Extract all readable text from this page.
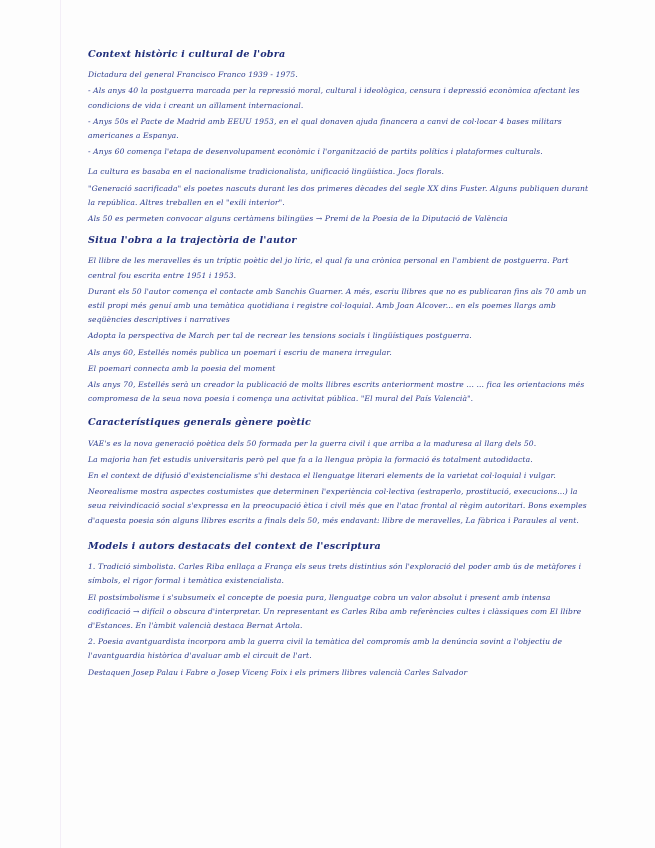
Context històric i cultural de l'obra

Dictadura del general Francisco Franco 1939 - 1975.

- Als anys 40 la postguerra marcada per la repressió moral, cultural i ideològica, censura i depressió econòmica afectant les condicions de vida i creant un aïllament internacional.

- Anys 50s el Pacte de Madrid amb EEUU 1953, en el qual donaven ajuda financera a canvi de col·locar 4 bases militars americanes a Espanya.

- Anys 60 comença l'etapa de desenvolupament econòmic i l'organització de partits polítics i plataformes culturals.

La cultura es basaba en el nacionalisme tradicionalista, unificació lingüística. Jocs florals.

"Generació sacrificada" els poetes nascuts durant les dos primeres dècades del segle XX dins Fuster. Alguns publiquen durant la república. Altres treballen en el "exili interior".

Als 50 es permeten convocar alguns certàmens bilingües → Premi de la Poesia de la Diputació de València

Situa l'obra a la trajectòria de l'autor

El llibre de les meravelles és un tríptic poètic del jo líric, el qual fa una crònica personal en l'ambient de postguerra. Part central fou escrita entre 1951 i 1953.

Durant els 50 l'autor comença el contacte amb Sanchis Guarner. A més, escriu llibres que no es publicaran fins als 70 amb un estil propi més genuí amb una temàtica quotidiana i registre col·loquial. Amb Joan Alcover... en els poemes llargs amb seqüències descriptives i narratives

Adopta la perspectiva de March per tal de recrear les tensions socials i lingüístiques postguerra.

Als anys 60, Estellés només publica un poemari i escriu de manera irregular.

El poemari connecta amb la poesia del moment

Als anys 70, Estellés serà un creador la publicació de molts llibres escrits anteriorment mostre ... ... fica les orientacions més compromesa de la seua nova poesia i comença una activitat pública. "El mural del País Valencià".

Característiques generals gènere poètic

VAE's es la nova generació poètica dels 50 formada per la guerra civil i que arriba a la maduresa al llarg dels 50.

La majoria han fet estudis universitaris però pel que fa a la llengua pròpia la formació és totalment autodidacta.

En el context de difusió d'existencialisme s'hi destaca el llenguatge literari elements de la varietat col·loquial i vulgar.

Neorealisme mostra aspectes costumistes que determinen l'experiència col·lectiva (estraperlo, prostitució, execucions...) la seua reivindicació social s'expressa en la preocupació ètica i civil més que en l'atac frontal al règim autoritari. Bons exemples d'aquesta poesia són alguns llibres escrits a finals dels 50, més endavant: llibre de meravelles, La fàbrica i Paraules al vent.

Models i autors destacats del context de l'escriptura

1. Tradició simbolista. Carles Riba enllaça a França els seus trets distintius són l'exploració del poder amb ús de metàfores i símbols, el rigor formal i temàtica existencialista.

El postsimbolisme i s'subsumeix el concepte de poesia pura, llenguatge cobra un valor absolut i present amb intensa codificació → difícil o obscura d'interpretar. Un representant es Carles Riba amb referències cultes i clàssiques com El llibre d'Estances. En l'àmbit valencià destaca Bernat Artola.

2. Poesia avantguardista incorpora amb la guerra civil la temàtica del compromís amb la denúncia sovint a l'objectiu de l'avantguardia històrica d'avaluar amb el circuit de l'art.

Destaquen Josep Palau i Fabre o Josep Vicenç Foix i els primers llibres valencià Carles Salvador
